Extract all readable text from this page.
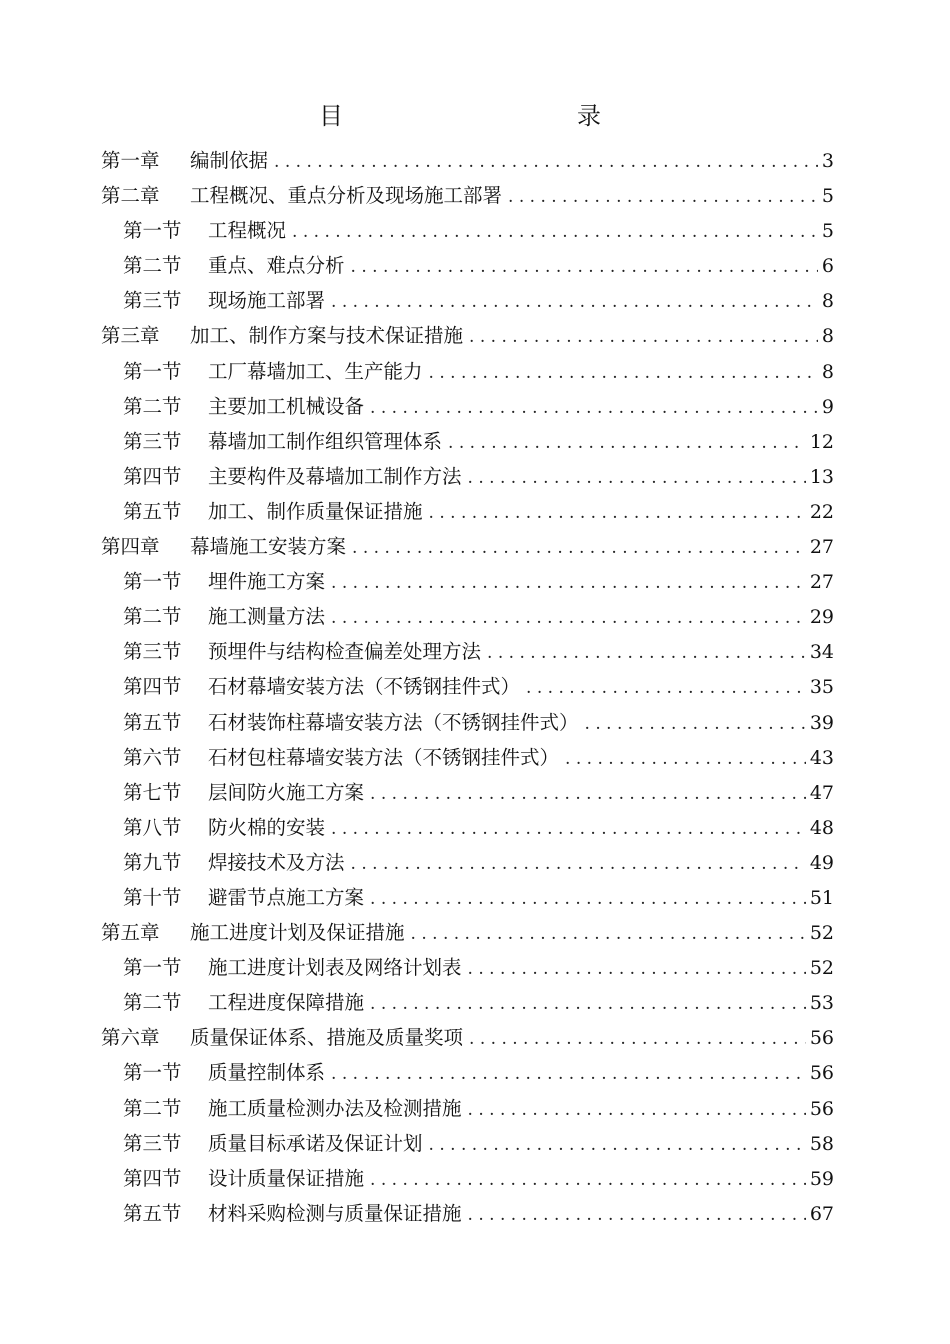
目　　录
第一章	编制依据 . . .	3
第二章	工程概况、重点分析及现场施工部署 . . .	5
第一节	工程概况 . . .	5
第二节	重点、难点分析 . . .	6
第三节	现场施工部署 . . .	8
第三章	加工、制作方案与技术保证措施 . . .	8
第一节	工厂幕墙加工、生产能力 . . .	8
第二节	主要加工机械设备 . . .	9
第三节	幕墙加工制作组织管理体系 . . .	12
第四节	主要构件及幕墙加工制作方法 . . .	13
第五节	加工、制作质量保证措施 . . .	22
第四章	幕墙施工安装方案 . . .	27
第一节	埋件施工方案 . . .	27
第二节	施工测量方法 . . .	29
第三节	预埋件与结构检查偏差处理方法 . . .	34
第四节	石材幕墙安装方法（不锈钢挂件式） . . .	35
第五节	石材装饰柱幕墙安装方法（不锈钢挂件式） . . .	39
第六节	石材包柱幕墙安装方法（不锈钢挂件式） . . .	43
第七节	层间防火施工方案 . . .	47
第八节	防火棉的安装 . . .	48
第九节	焊接技术及方法 . . .	49
第十节	避雷节点施工方案 . . .	51
第五章	施工进度计划及保证措施 . . .	52
第一节	施工进度计划表及网络计划表 . . .	52
第二节	工程进度保障措施 . . .	53
第六章	质量保证体系、措施及质量奖项 . . .	56
第一节	质量控制体系 . . .	56
第二节	施工质量检测办法及检测措施 . . .	56
第三节	质量目标承诺及保证计划 . . .	58
第四节	设计质量保证措施 . . .	59
第五节	材料采购检测与质量保证措施 . . .	67
